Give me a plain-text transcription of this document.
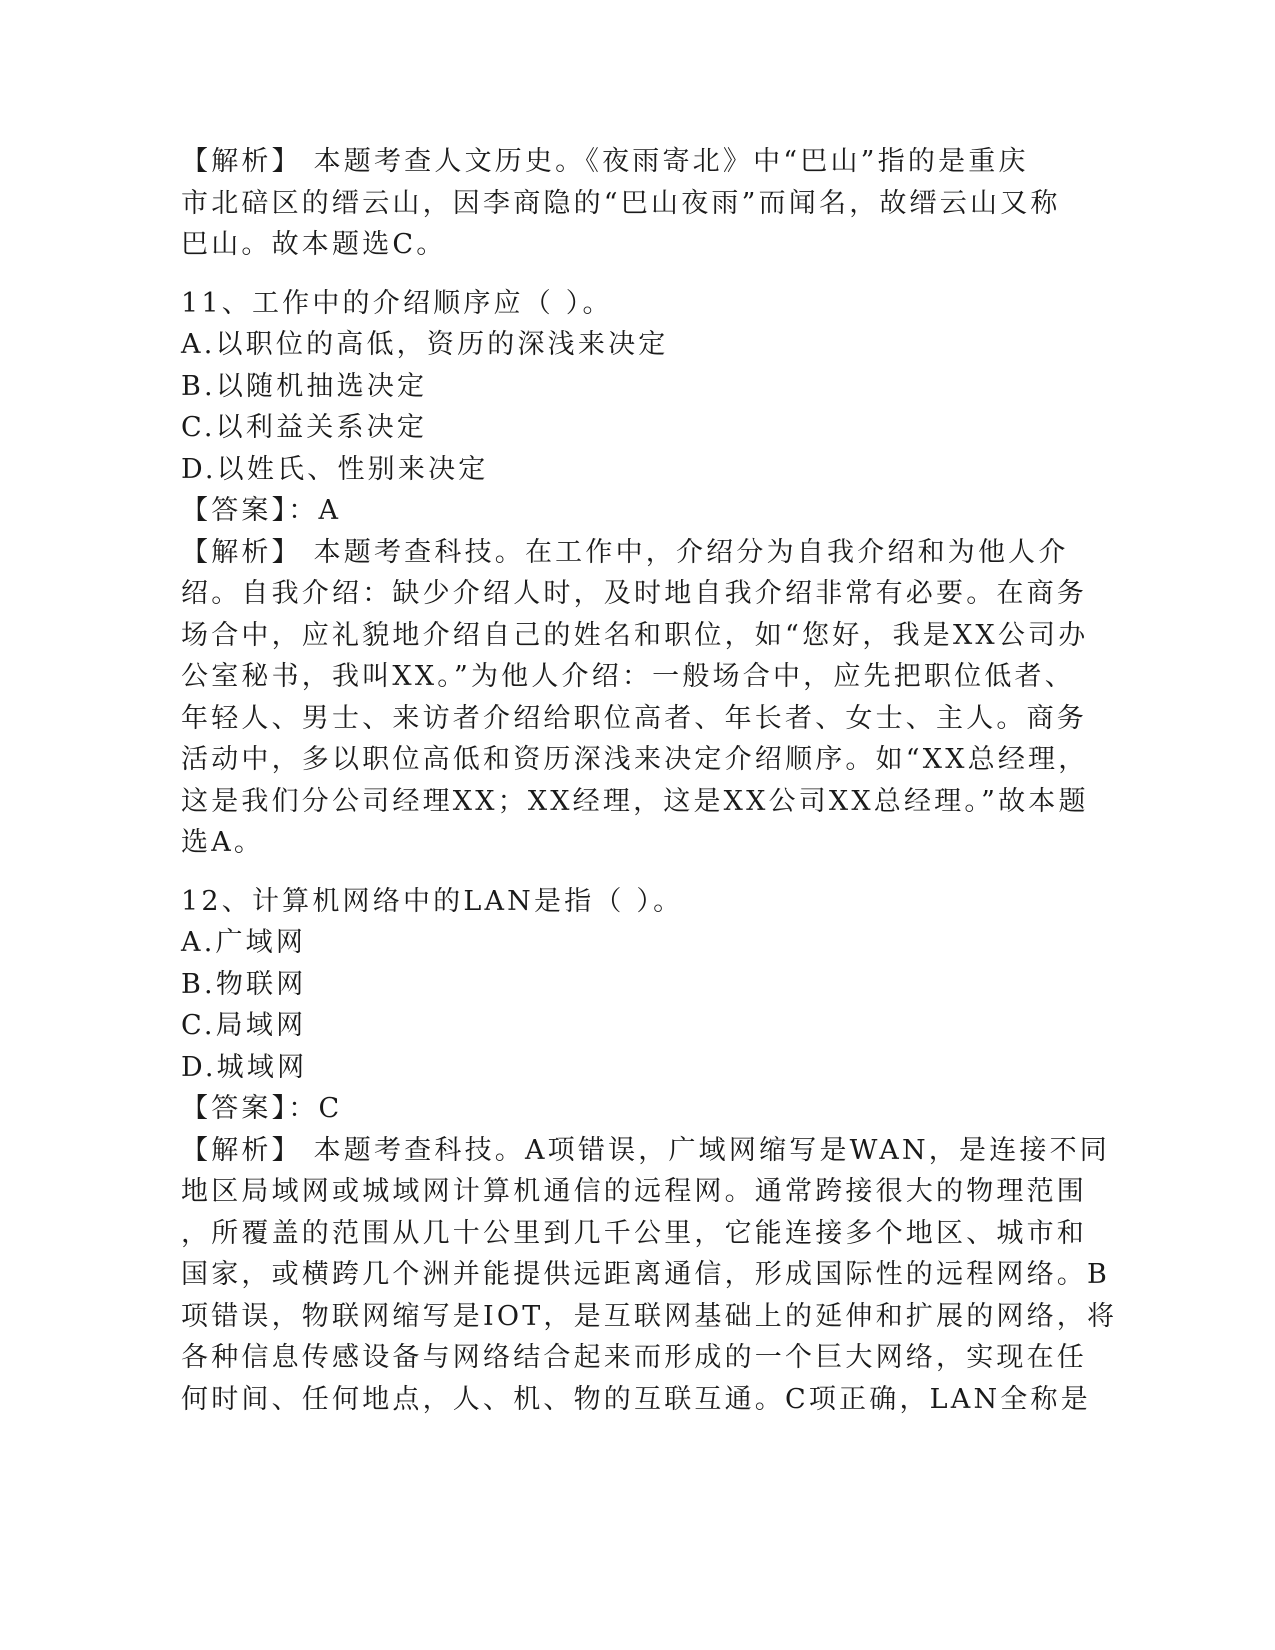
【解析】 本题考查人文历史。《夜雨寄北》中“巴山”指的是重庆
市北碚区的缙云山，因李商隐的“巴山夜雨”而闻名，故缙云山又称
巴山。故本题选C。
11、工作中的介绍顺序应（ ）。
A.以职位的高低，资历的深浅来决定
B.以随机抽选决定
C.以利益关系决定
D.以姓氏、性别来决定
【答案】：A
【解析】 本题考查科技。在工作中，介绍分为自我介绍和为他人介
绍。自我介绍：缺少介绍人时，及时地自我介绍非常有必要。在商务
场合中，应礼貌地介绍自己的姓名和职位，如“您好，我是XX公司办
公室秘书，我叫XX。”为他人介绍：一般场合中，应先把职位低者、
年轻人、男士、来访者介绍给职位高者、年长者、女士、主人。商务
活动中，多以职位高低和资历深浅来决定介绍顺序。如“XX总经理，
这是我们分公司经理XX；XX经理，这是XX公司XX总经理。”故本题
选A。
12、计算机网络中的LAN是指（ ）。
A.广域网
B.物联网
C.局域网
D.城域网
【答案】：C
【解析】 本题考查科技。A项错误，广域网缩写是WAN，是连接不同
地区局域网或城域网计算机通信的远程网。通常跨接很大的物理范围
，所覆盖的范围从几十公里到几千公里，它能连接多个地区、城市和
国家，或横跨几个洲并能提供远距离通信，形成国际性的远程网络。B
项错误，物联网缩写是IOT，是互联网基础上的延伸和扩展的网络，将
各种信息传感设备与网络结合起来而形成的一个巨大网络，实现在任
何时间、任何地点，人、机、物的互联互通。C项正确，LAN全称是
